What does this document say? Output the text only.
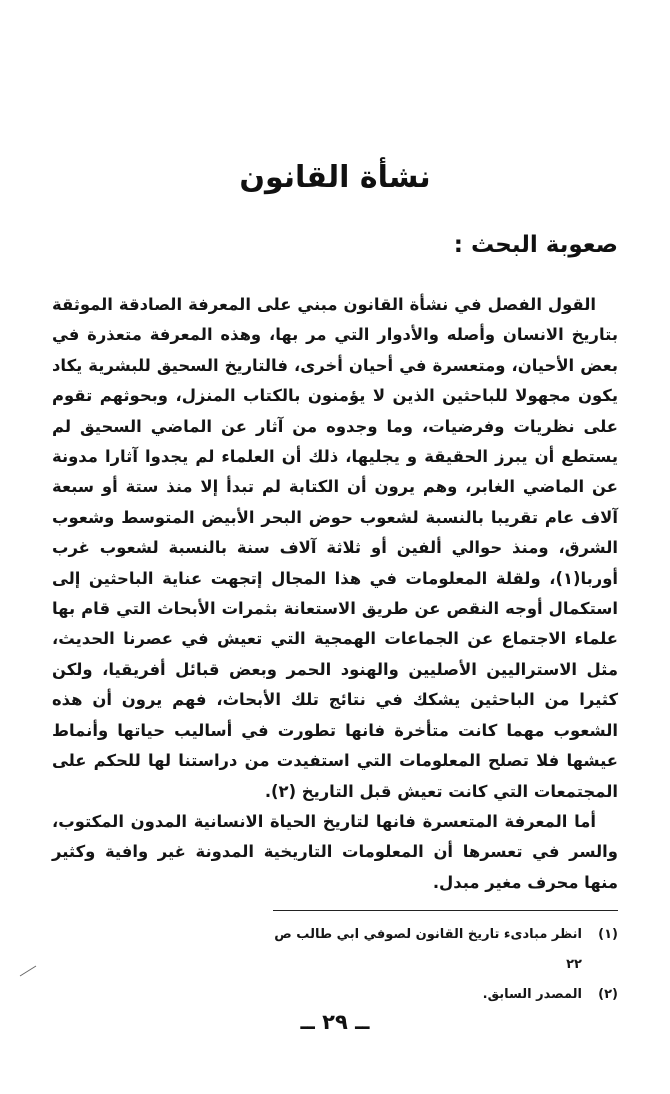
نشأة القانون
صعوبة البحث :

القول الفصل في نشأة القانون مبني على المعرفة الصادقة الموثقة بتاريخ الانسان وأصله والأدوار التي مر بها، وهذه المعرفة متعذرة في بعض الأحيان، ومتعسرة في أحيان أخرى، فالتاريخ السحيق للبشرية يكاد يكون مجهولا للباحثين الذين لا يؤمنون بالكتاب المنزل، وبحوثهم تقوم على نظريات وفرضيات، وما وجدوه من آثار عن الماضي السحيق لم يستطع أن يبرز الحقيقة و يجليها، ذلك أن العلماء لم يجدوا آثارا مدونة عن الماضي الغابر، وهم يرون أن الكتابة لم تبدأ إلا منذ ستة أو سبعة آلاف عام تقريبا بالنسبة لشعوب حوض البحر الأبيض المتوسط وشعوب الشرق، ومنذ حوالي ألفين أو ثلاثة آلاف سنة بالنسبة لشعوب غرب أوربا(١)، ولقلة المعلومات في هذا المجال إتجهت عناية الباحثين إلى استكمال أوجه النقص عن طريق الاستعانة بثمرات الأبحاث التي قام بها علماء الاجتماع عن الجماعات الهمجية التي تعيش في عصرنا الحديث، مثل الاستراليين الأصليين والهنود الحمر وبعض قبائل أفريقيا، ولكن كثيرا من الباحثين يشكك في نتائج تلك الأبحاث، فهم يرون أن هذه الشعوب مهما كانت متأخرة فانها تطورت في أساليب حياتها وأنماط عيشها فلا تصلح المعلومات التي استفيدت من دراستنا لها للحكم على المجتمعات التي كانت تعيش قبل التاريخ (٢).

أما المعرفة المتعسرة فانها لتاريخ الحياة الانسانية المدون المكتوب، والسر في تعسرها أن المعلومات التاريخية المدونة غير وافية وكثير منها محرف مغير مبدل.

(١)
انظر مبادىء تاريخ القانون لصوفي ابي طالب ص ٢٢
(٢)
المصدر السابق.
ــ ٢٩ ــ
